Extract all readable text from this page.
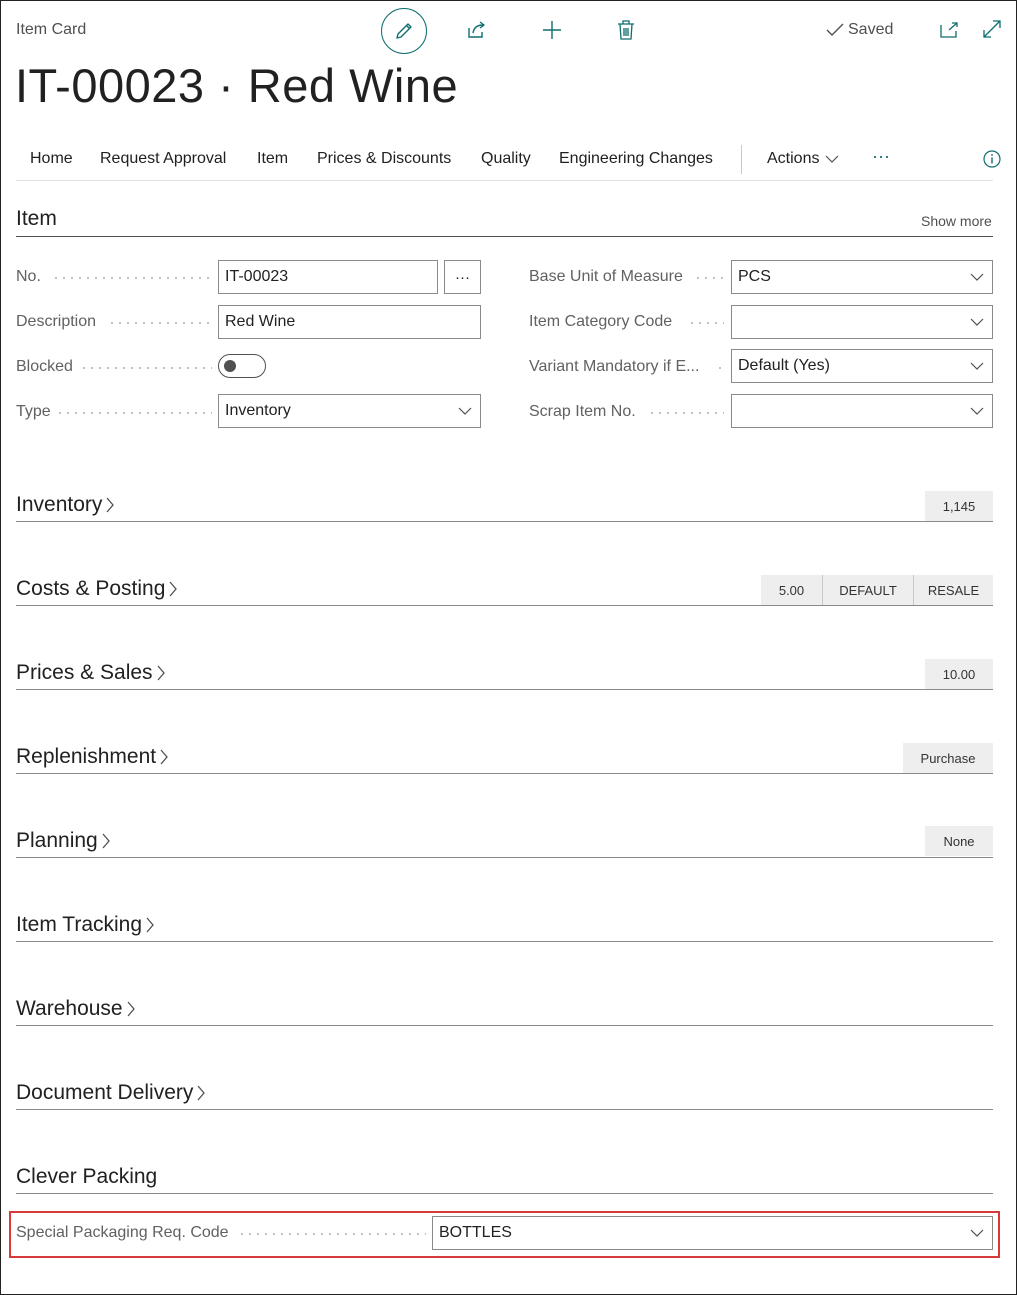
Item Card	Saved
IT-00023 · Red Wine
Home Request Approval Item Prices & Discounts Quality Engineering Changes	Actions	···
Item	Show more
No.	IT-00023	···
Description	Red Wine
Blocked
Type	Inventory
Base Unit of Measure	PCS
Item Category Code
Variant Mandatory if E...	Default (Yes)
Scrap Item No.
Inventory	1,145
Costs & Posting	5.00	DEFAULT	RESALE
Prices & Sales	10.00
Replenishment	Purchase
Planning	None
Item Tracking
Warehouse
Document Delivery
Clever Packing
Special Packaging Req. Code	BOTTLES
